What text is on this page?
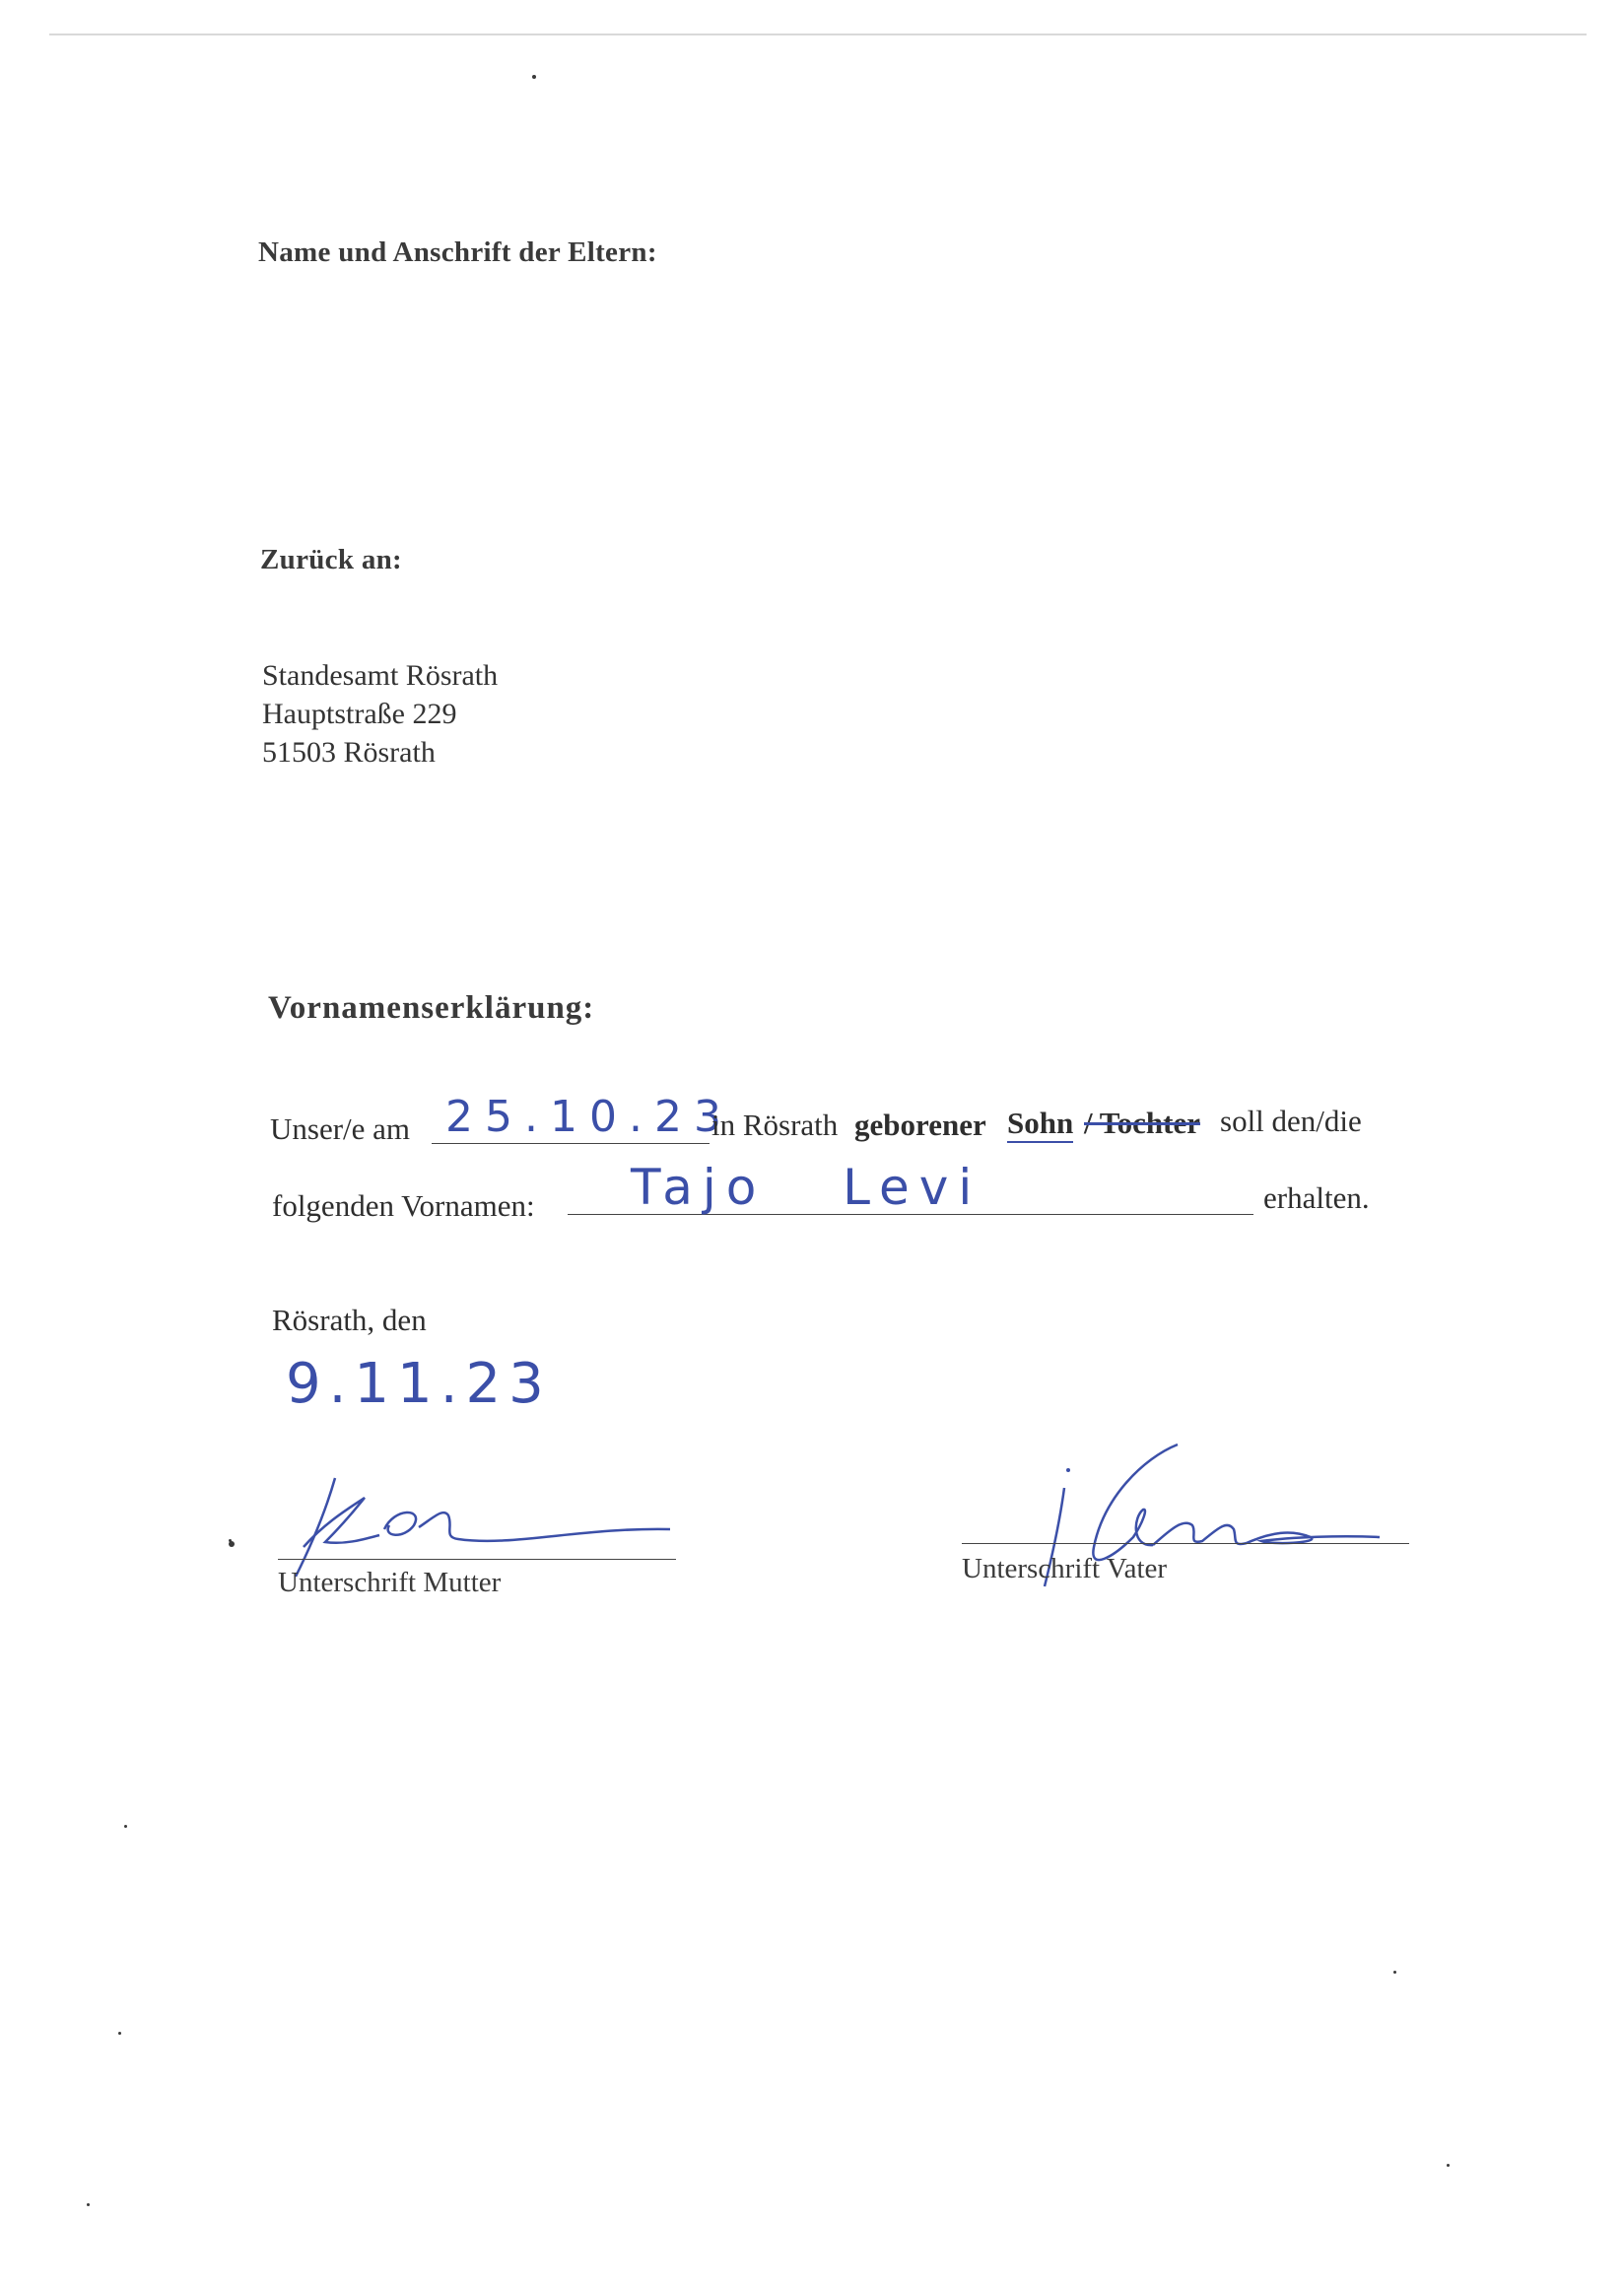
Name und Anschrift der Eltern:
Zurück an:
Standesamt Rösrath
Hauptstraße 229
51503 Rösrath
Vornamenserklärung:
Unser/e am 25.10.23
in Rösrath geborener Sohn / Tochter soll den/die
folgenden Vornamen: Tajo   Levi	erhalten.
Rösrath, den
9.11.23
Unterschrift Mutter	Unterschrift Vater
